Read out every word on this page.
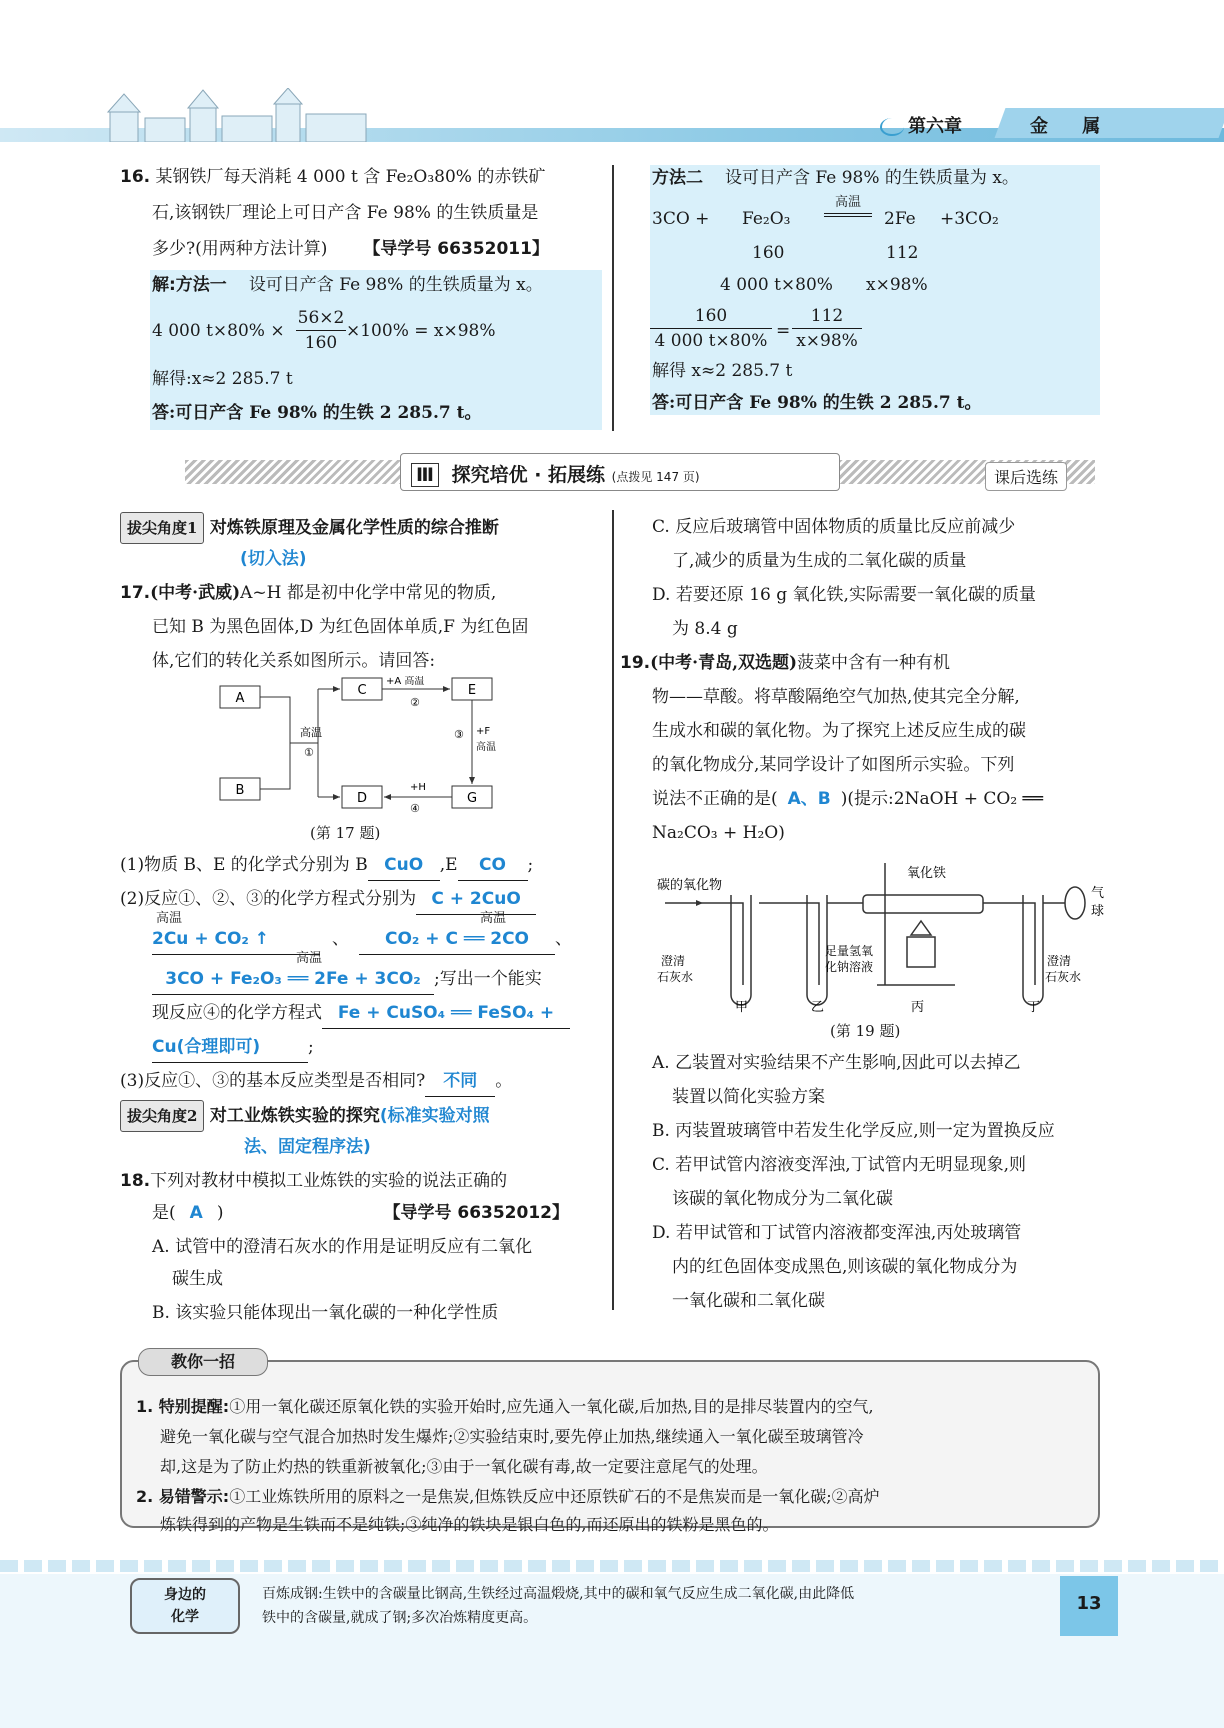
第六章	金 属
16. 某钢铁厂每天消耗 4 000 t 含 Fe₂O₃80% 的赤铁矿
石,该钢铁厂理论上可日产含 Fe 98% 的生铁质量是
多少?(用两种方法计算) 【导学号 66352011】
解:方法一 设可日产含 Fe 98% 的生铁质量为 x。
4 000 t×80% ×
56×2
160
×100% = x×98%
解得:x≈2 285.7 t
答:可日产含 Fe 98% 的生铁 2 285.7 t。
方法二 设可日产含 Fe 98% 的生铁质量为 x。
3CO + Fe₂O₃
高温
2Fe +3CO₂
160	112
4 000 t×80% x×98%
160
4 000 t×80% =
112
x×98%
解得 x≈2 285.7 t
答:可日产含 Fe 98% 的生铁 2 285.7 t。
Ⅲ 探究培优 · 拓展练 (点拨见 147 页)	课后选练
拔尖角度1 对炼铁原理及金属化学性质的综合推断
(切入法)
17.(中考·武威)A~H 都是初中化学中常见的物质,
已知 B 为黑色固体,D 为红色固体单质,F 为红色固
体,它们的转化关系如图所示。请回答:
A
B
C
D
E
G
高温
①
+A 高温
②
③ +F
高温
+H
④
(第 17 题)
(1)物质 B、E 的化学式分别为 B CuO ,E CO ;
(2)反应①、②、③的化学方程式分别为 C + 2CuO
高温
2Cu + CO₂ ↑	、 CO₂ + C ══ 2CO 、
高温
高温
3CO + Fe₂O₃ ══ 2Fe + 3CO₂ ;写出一个能实
现反应④的化学方程式 Fe + CuSO₄ ══ FeSO₄ +
Cu(合理即可)	;
(3)反应①、③的基本反应类型是否相同? 不同 。
拔尖角度2 对工业炼铁实验的探究(标准实验对照
法、固定程序法)
18.下列对教材中模拟工业炼铁的实验的说法正确的
是( A )	【导学号 66352012】
A. 试管中的澄清石灰水的作用是证明反应有二氧化
碳生成
B. 该实验只能体现出一氧化碳的一种化学性质
C. 反应后玻璃管中固体物质的质量比反应前减少
了,减少的质量为生成的二氧化碳的质量
D. 若要还原 16 g 氧化铁,实际需要一氧化碳的质量
为 8.4 g
19.(中考·青岛,双选题)菠菜中含有一种有机
物——草酸。将草酸隔绝空气加热,使其完全分解,
生成水和碳的氧化物。为了探究上述反应生成的碳
的氧化物成分,某同学设计了如图所示实验。下列
说法不正确的是( A、B )(提示:2NaOH + CO₂ ══
Na₂CO₃ + H₂O)
碳的氧化物
氧化铁
气
球
澄清
石灰水
足量氢氧
化钠溶液	澄清
石灰水
甲	乙	丙	丁
(第 19 题)
A. 乙装置对实验结果不产生影响,因此可以去掉乙
装置以简化实验方案
B. 丙装置玻璃管中若发生化学反应,则一定为置换反应
C. 若甲试管内溶液变浑浊,丁试管内无明显现象,则
该碳的氧化物成分为二氧化碳
D. 若甲试管和丁试管内溶液都变浑浊,丙处玻璃管
内的红色固体变成黑色,则该碳的氧化物成分为
一氧化碳和二氧化碳
教你一招
1. 特别提醒:①用一氧化碳还原氧化铁的实验开始时,应先通入一氧化碳,后加热,目的是排尽装置内的空气,
避免一氧化碳与空气混合加热时发生爆炸;②实验结束时,要先停止加热,继续通入一氧化碳至玻璃管冷
却,这是为了防止灼热的铁重新被氧化;③由于一氧化碳有毒,故一定要注意尾气的处理。
2. 易错警示:①工业炼铁所用的原料之一是焦炭,但炼铁反应中还原铁矿石的不是焦炭而是一氧化碳;②高炉
炼铁得到的产物是生铁而不是纯铁;③纯净的铁块是银白色的,而还原出的铁粉是黑色的。
身边的
化学
百炼成钢:生铁中的含碳量比钢高,生铁经过高温煅烧,其中的碳和氧气反应生成二氧化碳,由此降低
铁中的含碳量,就成了钢;多次冶炼精度更高。
13
